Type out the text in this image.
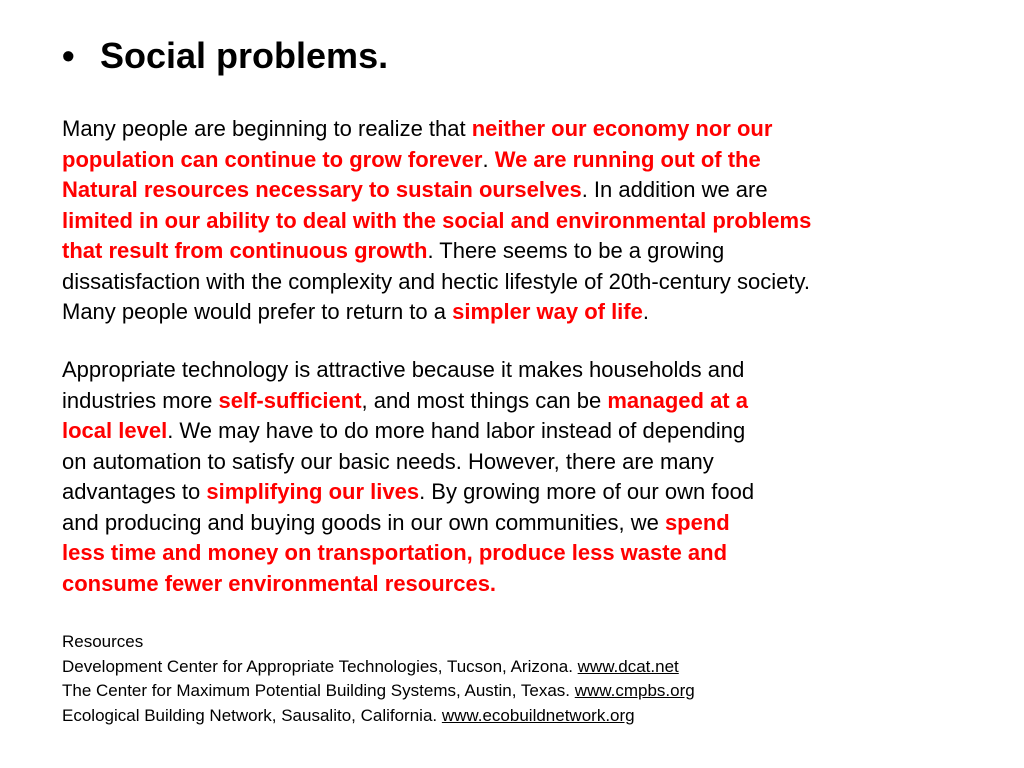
• Social problems.
Many people are beginning to realize that neither our economy nor our
population can continue to grow forever. We are running out of the
Natural resources necessary to sustain ourselves. In addition we are
limited in our ability to deal with the social and environmental problems
that result from continuous growth. There seems to be a growing
dissatisfaction with the complexity and hectic lifestyle of 20th-century society.
Many people would prefer to return to a simpler way of life.
Appropriate technology is attractive because it makes households and
industries more self-sufficient, and most things can be managed at a
local level. We may have to do more hand labor instead of depending
on automation to satisfy our basic needs. However, there are many
advantages to simplifying our lives. By growing more of our own food
and producing and buying goods in our own communities, we spend
less time and money on transportation, produce less waste and
consume fewer environmental resources.
Resources
Development Center for Appropriate Technologies, Tucson, Arizona. www.dcat.net
The Center for Maximum Potential Building Systems, Austin, Texas. www.cmpbs.org
Ecological Building Network, Sausalito, California. www.ecobuildnetwork.org
